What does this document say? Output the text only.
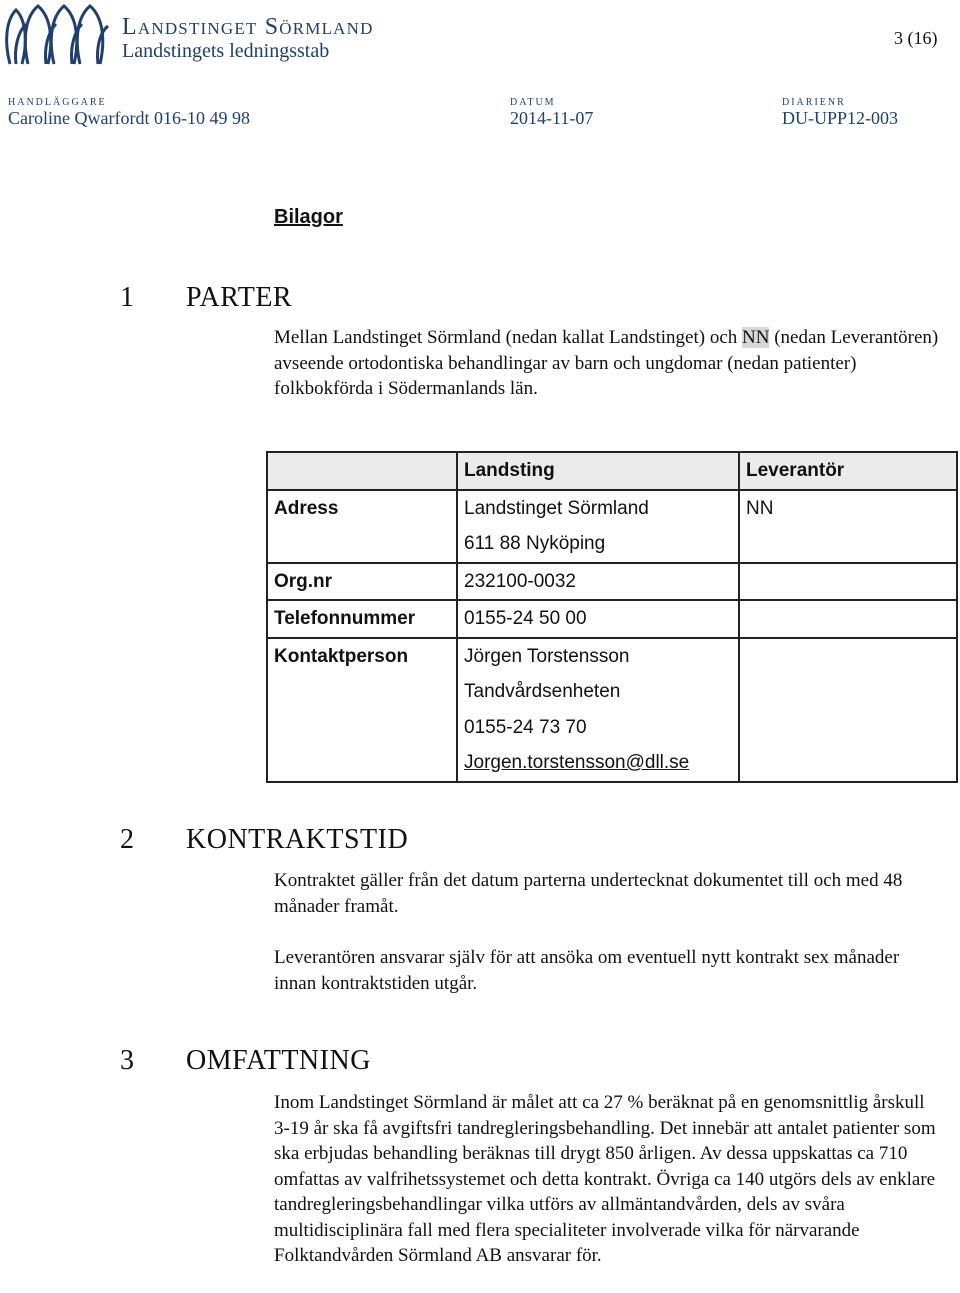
Landstinget Sörmland
Landstingets ledningsstab
3 (16)
HANDLÄGGARE
Caroline Qwarfordt 016-10 49 98
DATUM
2014-11-07
DIARIENR
DU-UPP12-003
Bilagor
1 PARTER

Mellan Landstinget Sörmland (nedan kallat Landstinget) och NN (nedan Leverantören) avseende ortodontiska behandlingar av barn och ungdomar (nedan patienter) folkbokförda i Södermanlands län.

	Landsting	Leverantör
Adress	Landstinget Sörmland	NN
	611 88 Nyköping	
Org.nr	232100-0032	
Telefonnummer	0155-24 50 00	
Kontaktperson	Jörgen Torstensson	
	Tandvårdsenheten	
	0155-24 73 70	
	Jorgen.torstensson@dll.se	
2 KONTRAKTSTID

Kontraktet gäller från det datum parterna undertecknat dokumentet till och med 48 månader framåt.

Leverantören ansvarar själv för att ansöka om eventuell nytt kontrakt sex månader innan kontraktstiden utgår.

3 OMFATTNING

Inom Landstinget Sörmland är målet att ca 27 % beräknat på en genomsnittlig årskull 3-19 år ska få avgiftsfri tandregleringsbehandling. Det innebär att antalet patienter som ska erbjudas behandling beräknas till drygt 850 årligen. Av dessa uppskattas ca 710 omfattas av valfrihetssystemet och detta kontrakt. Övriga ca 140 utgörs dels av enklare tandregleringsbehandlingar vilka utförs av allmäntandvården, dels av svåra multidisciplinära fall med flera specialiteter involverade vilka för närvarande Folktandvården Sörmland AB ansvarar för.
